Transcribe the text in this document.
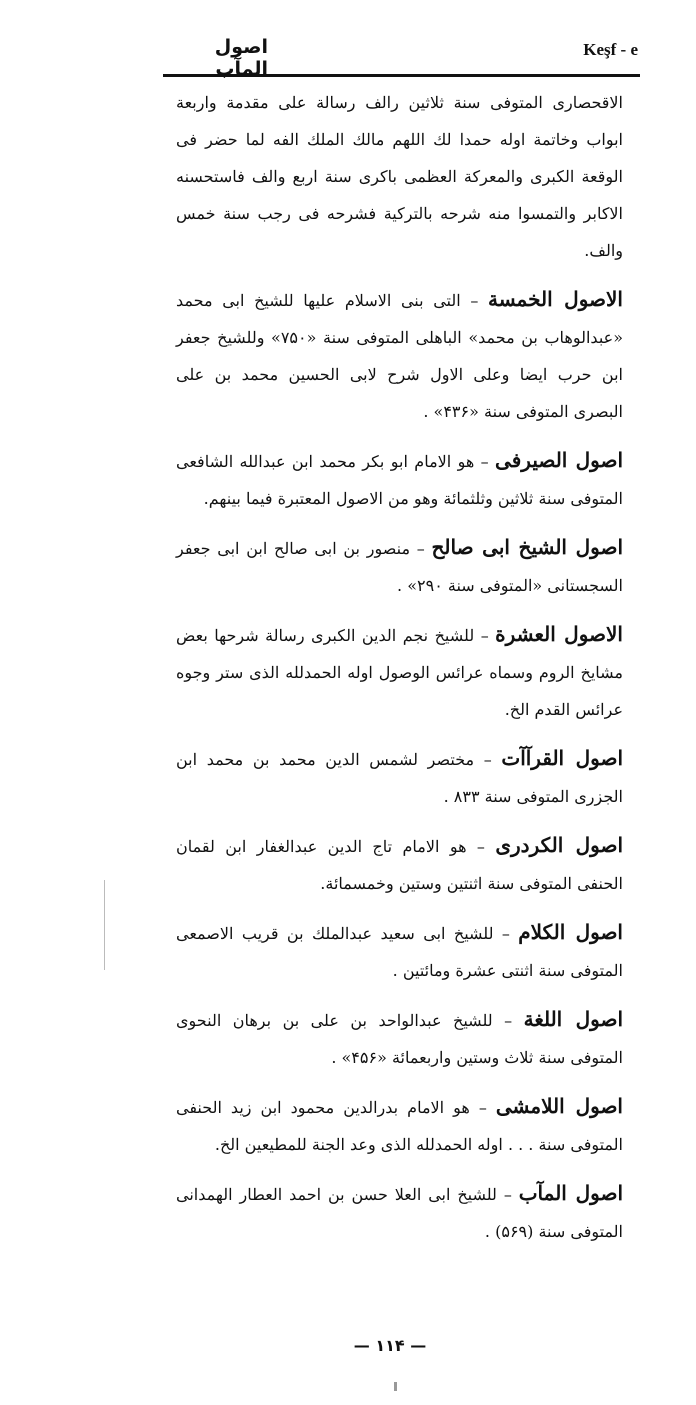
اصول المآب
Keşf - e

الاقحصاری المتوفی سنة ثلاثین رالف رسالة علی مقدمة واربعة ابواب وخاتمة اوله حمدا لك اللهم مالك الملك الفه لما حضر فی الوقعة الکبری والمعرکة العظمی باکری سنة اربع والف فاستحسنه الاکابر والتمسوا منه شرحه بالترکیة فشرحه فی رجب سنة خمس والف.

الاصول الخمسة – التی بنی الاسلام علیها للشیخ ابی محمد «عبدالوهاب بن محمد» الباهلی المتوفی سنة «۷۵۰» وللشیخ جعفر ابن حرب ایضا وعلی الاول شرح لابی الحسین محمد بن علی البصری المتوفی سنة «۴۳۶» .

اصول الصیرفی – هو الامام ابو بکر محمد ابن عبدالله الشافعی المتوفی سنة ثلاثین وثلثمائة وهو من الاصول المعتبرة فیما بینهم.

اصول الشیخ ابی صالح – منصور بن ابی صالح ابن ابی جعفر السجستانی «المتوفی سنة ۲۹۰» .

الاصول العشرة – للشیخ نجم الدین الکبری رسالة شرحها بعض مشایخ الروم وسماه عرائس الوصول اوله الحمدلله الذی ستر وجوه عرائس القدم الخ.

اصول القرآآت – مختصر لشمس الدین محمد بن محمد ابن الجزری المتوفی سنة ۸۳۳ .

اصول الکردری – هو الامام تاج الدین عبدالغفار ابن لقمان الحنفی المتوفی سنة اثنتین وستین وخمسمائة.

اصول الکلام – للشیخ ابی سعید عبدالملك بن قریب الاصمعی المتوفی سنة اثنتی عشرة ومائتین .

اصول اللغة – للشیخ عبدالواحد بن علی بن برهان النحوی المتوفی سنة ثلاث وستین واربعمائة «۴۵۶» .

اصول اللامشی – هو الامام بدرالدین محمود ابن زید الحنفی المتوفی سنة . . . اوله الحمدلله الذی وعد الجنة للمطیعین الخ.

اصول المآب – للشیخ ابی العلا حسن بن احمد العطار الهمدانی المتوفی سنة (۵۶۹) .

— ۱۱۴ —
